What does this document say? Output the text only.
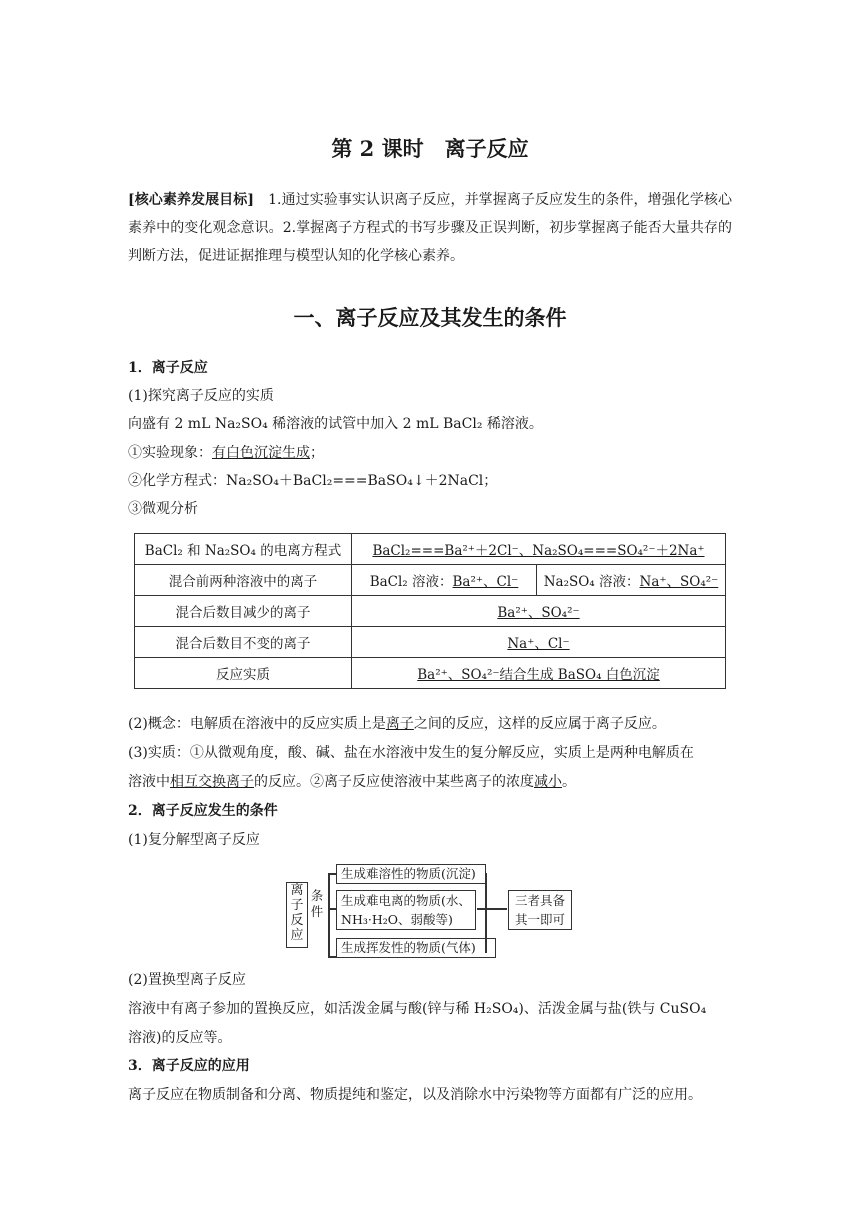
第 2 课时　离子反应
[核心素养发展目标]　1.通过实验事实认识离子反应，并掌握离子反应发生的条件，增强化学核心素养中的变化观念意识。2.掌握离子方程式的书写步骤及正误判断，初步掌握离子能否大量共存的判断方法，促进证据推理与模型认知的化学核心素养。
一、离子反应及其发生的条件
1．离子反应
(1)探究离子反应的实质
向盛有 2 mL Na₂SO₄ 稀溶液的试管中加入 2 mL BaCl₂ 稀溶液。
①实验现象：有白色沉淀生成；
②化学方程式：Na₂SO₄＋BaCl₂===BaSO₄↓＋2NaCl；
③微观分析
BaCl₂ 和 Na₂SO₄ 的电离方程式	BaCl₂===Ba²⁺＋2Cl⁻、Na₂SO₄===SO₄²⁻＋2Na⁺	
混合前两种溶液中的离子	BaCl₂ 溶液：Ba²⁺、Cl⁻	Na₂SO₄ 溶液：Na⁺、SO₄²⁻
混合后数目减少的离子	Ba²⁺、SO₄²⁻	
混合后数目不变的离子	Na⁺、Cl⁻	
反应实质	Ba²⁺、SO₄²⁻结合生成 BaSO₄ 白色沉淀	
(2)概念：电解质在溶液中的反应实质上是离子之间的反应，这样的反应属于离子反应。
(3)实质：①从微观角度，酸、碱、盐在水溶液中发生的复分解反应，实质上是两种电解质在
溶液中相互交换离子的反应。②离子反应使溶液中某些离子的浓度减小。
2．离子反应发生的条件
(1)复分解型离子反应
离子反应
条件
生成难溶性的物质(沉淀)
生成难电离的物质(水、
NH₃·H₂O、弱酸等)
生成挥发性的物质(气体)
三者具备其一即可
(2)置换型离子反应
溶液中有离子参加的置换反应，如活泼金属与酸(锌与稀 H₂SO₄)、活泼金属与盐(铁与 CuSO₄
溶液)的反应等。
3．离子反应的应用
离子反应在物质制备和分离、物质提纯和鉴定，以及消除水中污染物等方面都有广泛的应用。
